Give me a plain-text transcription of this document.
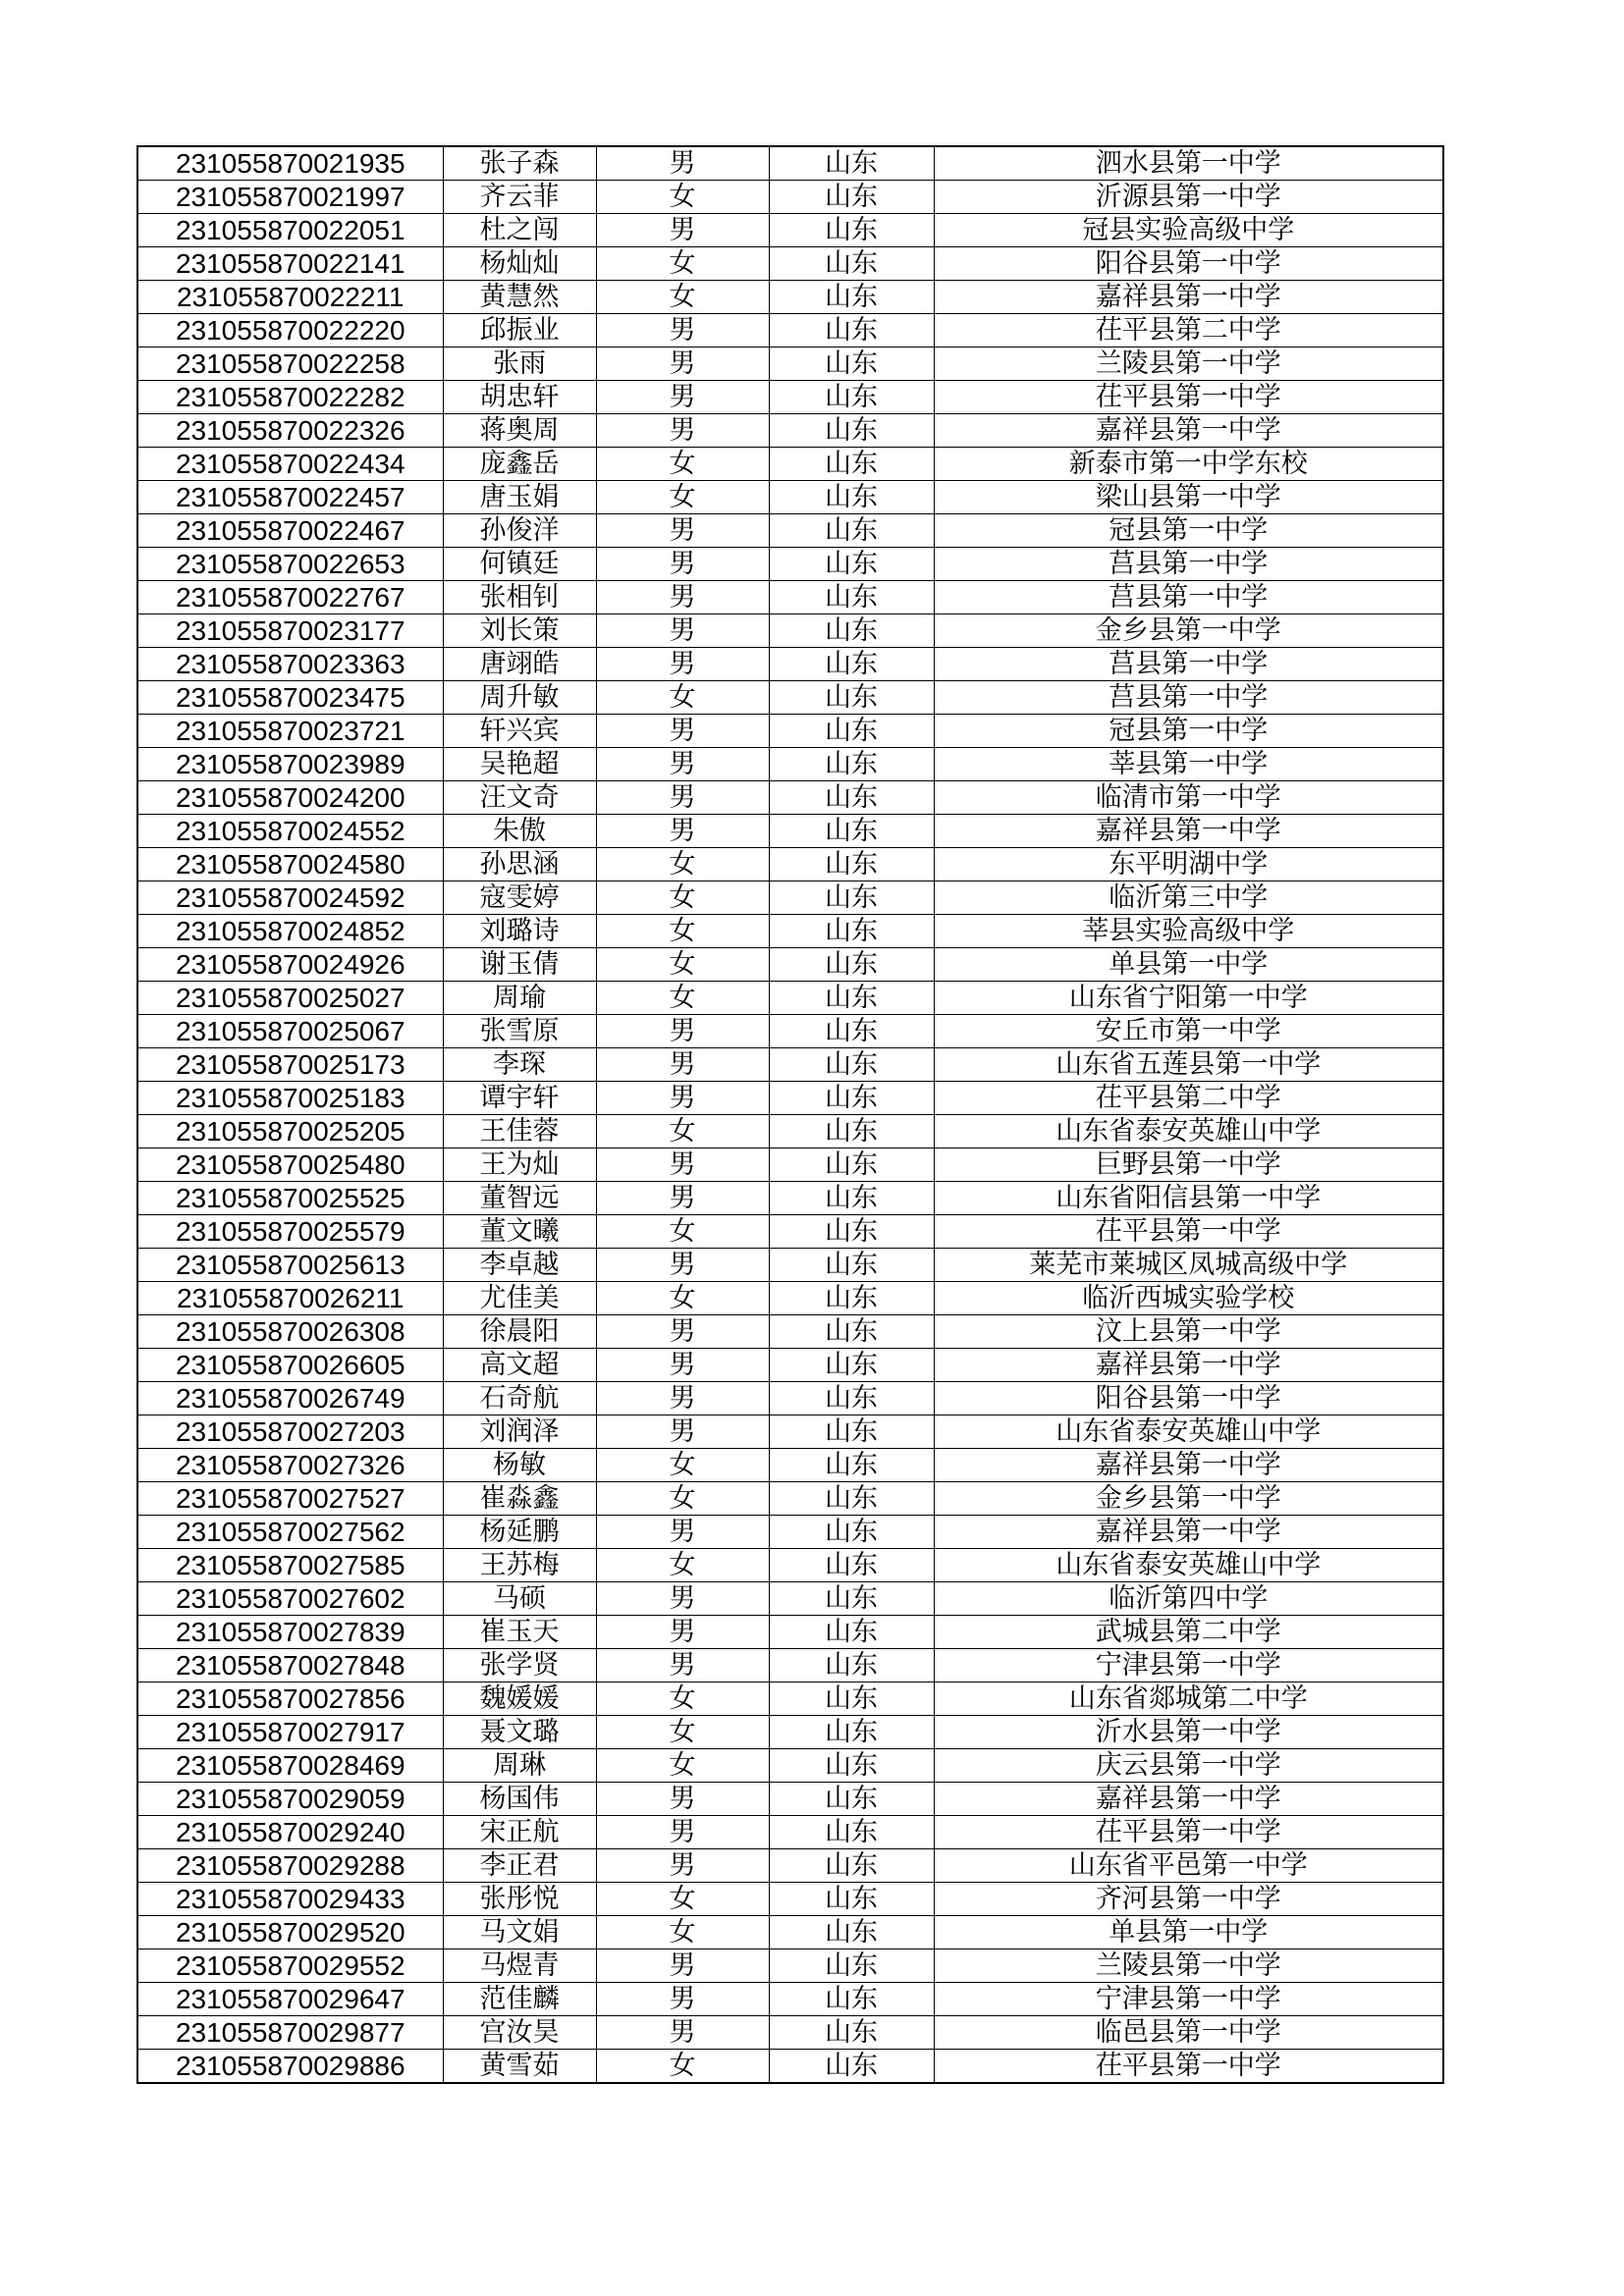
231055870021935	张子森	男	山东	泗水县第一中学
231055870021997	齐云菲	女	山东	沂源县第一中学
231055870022051	杜之闯	男	山东	冠县实验高级中学
231055870022141	杨灿灿	女	山东	阳谷县第一中学
231055870022211	黄慧然	女	山东	嘉祥县第一中学
231055870022220	邱振业	男	山东	茌平县第二中学
231055870022258	张雨	男	山东	兰陵县第一中学
231055870022282	胡忠轩	男	山东	茌平县第一中学
231055870022326	蒋奥周	男	山东	嘉祥县第一中学
231055870022434	庞鑫岳	女	山东	新泰市第一中学东校
231055870022457	唐玉娟	女	山东	梁山县第一中学
231055870022467	孙俊洋	男	山东	冠县第一中学
231055870022653	何镇廷	男	山东	莒县第一中学
231055870022767	张相钊	男	山东	莒县第一中学
231055870023177	刘长策	男	山东	金乡县第一中学
231055870023363	唐翊皓	男	山东	莒县第一中学
231055870023475	周升敏	女	山东	莒县第一中学
231055870023721	轩兴宾	男	山东	冠县第一中学
231055870023989	吴艳超	男	山东	莘县第一中学
231055870024200	汪文奇	男	山东	临清市第一中学
231055870024552	朱傲	男	山东	嘉祥县第一中学
231055870024580	孙思涵	女	山东	东平明湖中学
231055870024592	寇雯婷	女	山东	临沂第三中学
231055870024852	刘璐诗	女	山东	莘县实验高级中学
231055870024926	谢玉倩	女	山东	单县第一中学
231055870025027	周瑜	女	山东	山东省宁阳第一中学
231055870025067	张雪原	男	山东	安丘市第一中学
231055870025173	李琛	男	山东	山东省五莲县第一中学
231055870025183	谭宇轩	男	山东	茌平县第二中学
231055870025205	王佳蓉	女	山东	山东省泰安英雄山中学
231055870025480	王为灿	男	山东	巨野县第一中学
231055870025525	董智远	男	山东	山东省阳信县第一中学
231055870025579	董文曦	女	山东	茌平县第一中学
231055870025613	李卓越	男	山东	莱芜市莱城区凤城高级中学
231055870026211	尤佳美	女	山东	临沂西城实验学校
231055870026308	徐晨阳	男	山东	汶上县第一中学
231055870026605	高文超	男	山东	嘉祥县第一中学
231055870026749	石奇航	男	山东	阳谷县第一中学
231055870027203	刘润泽	男	山东	山东省泰安英雄山中学
231055870027326	杨敏	女	山东	嘉祥县第一中学
231055870027527	崔淼鑫	女	山东	金乡县第一中学
231055870027562	杨延鹏	男	山东	嘉祥县第一中学
231055870027585	王苏梅	女	山东	山东省泰安英雄山中学
231055870027602	马硕	男	山东	临沂第四中学
231055870027839	崔玉天	男	山东	武城县第二中学
231055870027848	张学贤	男	山东	宁津县第一中学
231055870027856	魏媛媛	女	山东	山东省郯城第二中学
231055870027917	聂文璐	女	山东	沂水县第一中学
231055870028469	周琳	女	山东	庆云县第一中学
231055870029059	杨国伟	男	山东	嘉祥县第一中学
231055870029240	宋正航	男	山东	茌平县第一中学
231055870029288	李正君	男	山东	山东省平邑第一中学
231055870029433	张彤悦	女	山东	齐河县第一中学
231055870029520	马文娟	女	山东	单县第一中学
231055870029552	马煜青	男	山东	兰陵县第一中学
231055870029647	范佳麟	男	山东	宁津县第一中学
231055870029877	宫汝昊	男	山东	临邑县第一中学
231055870029886	黄雪茹	女	山东	茌平县第一中学
